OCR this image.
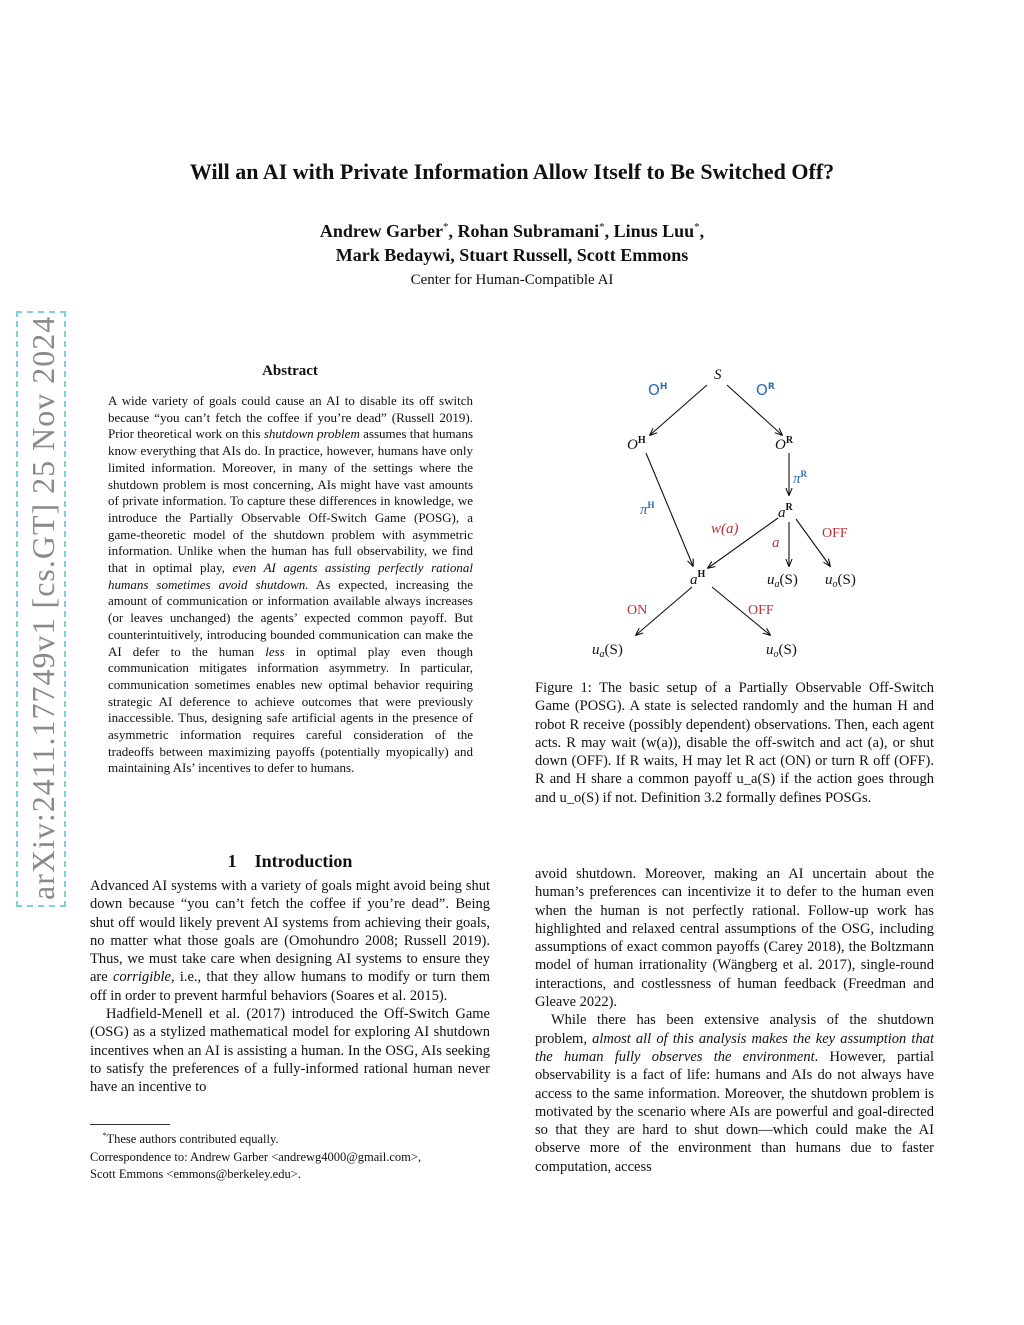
arXiv:2411.17749v1 [cs.GT] 25 Nov 2024
Will an AI with Private Information Allow Itself to Be Switched Off?
Andrew Garber*, Rohan Subramani*, Linus Luu*,
Mark Bedaywi, Stuart Russell, Scott Emmons
Center for Human-Compatible AI
Abstract
A wide variety of goals could cause an AI to disable its off switch because “you can’t fetch the coffee if you’re dead” (Russell 2019). Prior theoretical work on this shutdown problem assumes that humans know everything that AIs do. In practice, however, humans have only limited information. Moreover, in many of the settings where the shutdown problem is most concerning, AIs might have vast amounts of private information. To capture these differences in knowledge, we introduce the Partially Observable Off-Switch Game (POSG), a game-theoretic model of the shutdown problem with asymmetric information. Unlike when the human has full observability, we find that in optimal play, even AI agents assisting perfectly rational humans sometimes avoid shutdown. As expected, increasing the amount of communication or information available always increases (or leaves unchanged) the agents’ expected common payoff. But counterintuitively, introducing bounded communication can make the AI defer to the human less in optimal play even though communication mitigates information asymmetry. In particular, communication sometimes enables new optimal behavior requiring strategic AI deference to achieve outcomes that were previously inaccessible. Thus, designing safe artificial agents in the presence of asymmetric information requires careful consideration of the tradeoffs between maximizing payoffs (potentially myopically) and maintaining AIs’ incentives to defer to humans.
1 Introduction

Advanced AI systems with a variety of goals might avoid being shut down because “you can’t fetch the coffee if you’re dead”. Being shut off would likely prevent AI systems from achieving their goals, no matter what those goals are (Omohundro 2008; Russell 2019). Thus, we must take care when designing AI systems to ensure they are corrigible, i.e., that they allow humans to modify or turn them off in order to prevent harmful behaviors (Soares et al. 2015).

Hadfield-Menell et al. (2017) introduced the Off-Switch Game (OSG) as a stylized mathematical model for exploring AI shutdown incentives when an AI is assisting a human. In the OSG, AIs seeking to satisfy the preferences of a fully-informed rational human never have an incentive to

*These authors contributed equally.
Correspondence to: Andrew Garber <andrewg4000@gmail.com>,
Scott Emmons <emmons@berkeley.edu>.

avoid shutdown. Moreover, making an AI uncertain about the human’s preferences can incentivize it to defer to the human even when the human is not perfectly rational. Follow-up work has highlighted and relaxed central assumptions of the OSG, including assumptions of exact common payoffs (Carey 2018), the Boltzmann model of human irrationality (Wängberg et al. 2017), single-round interactions, and costlessness of human feedback (Freedman and Gleave 2022).

While there has been extensive analysis of the shutdown problem, almost all of this analysis makes the key assumption that the human fully observes the environment. However, partial observability is a fact of life: humans and AIs do not always have access to the same information. Moreover, the shutdown problem is motivated by the scenario where AIs are powerful and goal-directed so that they are hard to shut down—which could make the AI observe more of the environment than humans due to faster computation, access

S
$O^H$	$O^R$
$a^R$
$a^H$	$u_a(S)$ $u_o(S)$
$u_a(S)$	$u_o(S)$
$O^H$	$O^R$
$\pi^H$
$\pi^R$
w(a)
a
OFF
ON	OFF
Figure 1: The basic setup of a Partially Observable Off-Switch Game (POSG). A state is selected randomly and the human H and robot R receive (possibly dependent) observations. Then, each agent acts. R may wait (w(a)), disable the off-switch and act (a), or shut down (OFF). If R waits, H may let R act (ON) or turn R off (OFF). R and H share a common payoff u_a(S) if the action goes through and u_o(S) if not. Definition 3.2 formally defines POSGs.
